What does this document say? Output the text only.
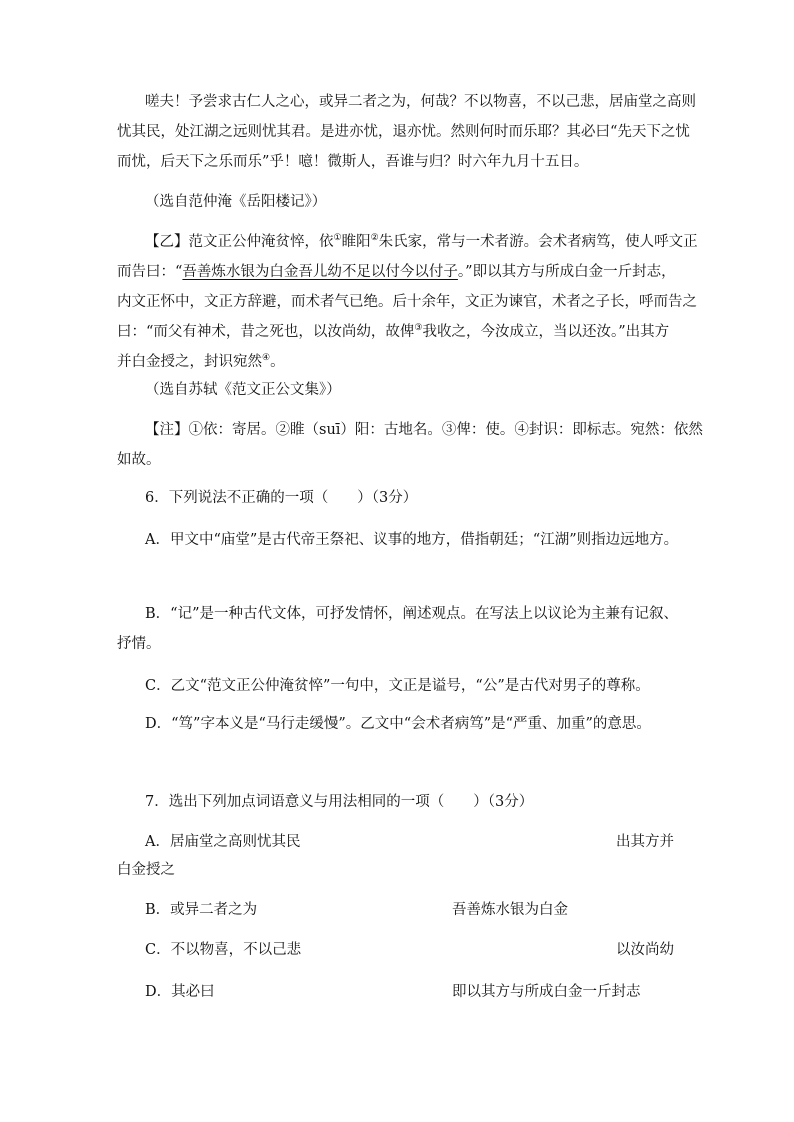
嗟夫！予尝求古仁人之心，或异二者之为，何哉？不以物喜，不以己悲，居庙堂之高则
忧其民，处江湖之远则忧其君。是进亦忧，退亦忧。然则何时而乐耶？其必曰“先天下之忧
而忧，后天下之乐而乐”乎！噫！微斯人，吾谁与归？时六年九月十五日。
（选自范仲淹《岳阳楼记》）
【乙】范文正公仲淹贫悴，依①睢阳②朱氏家，常与一术者游。会术者病笃，使人呼文正
而告曰：“吾善炼水银为白金吾儿幼不足以付今以付子。”即以其方与所成白金一斤封志，
内文正怀中，文正方辞避，而术者气已绝。后十余年，文正为谏官，术者之子长，呼而告之
曰：“而父有神术，昔之死也，以汝尚幼，故俾③我收之，今汝成立，当以还汝。”出其方
并白金授之，封识宛然④。
（选自苏轼《范文正公文集》）
【注】①依：寄居。②睢（suī）阳：古地名。③俾：使。④封识：即标志。宛然：依然
如故。
6．下列说法不正确的一项（　　）（3分）
A．甲文中“庙堂”是古代帝王祭祀、议事的地方，借指朝廷；“江湖”则指边远地方。
B．“记”是一种古代文体，可抒发情怀，阐述观点。在写法上以议论为主兼有记叙、
抒情。
C．乙文“范文正公仲淹贫悴”一句中，文正是谥号，“公”是古代对男子的尊称。
D．“笃”字本义是“马行走缓慢”。乙文中“会术者病笃”是“严重、加重”的意思。
7．选出下列加点词语意义与用法相同的一项（　　）（3分）
A．居庙堂之高则忧其民	出其方并
白金授之
B．或异二者之为	吾善炼水银为白金
C．不以物喜，不以己悲	以汝尚幼
D．其必曰	即以其方与所成白金一斤封志
